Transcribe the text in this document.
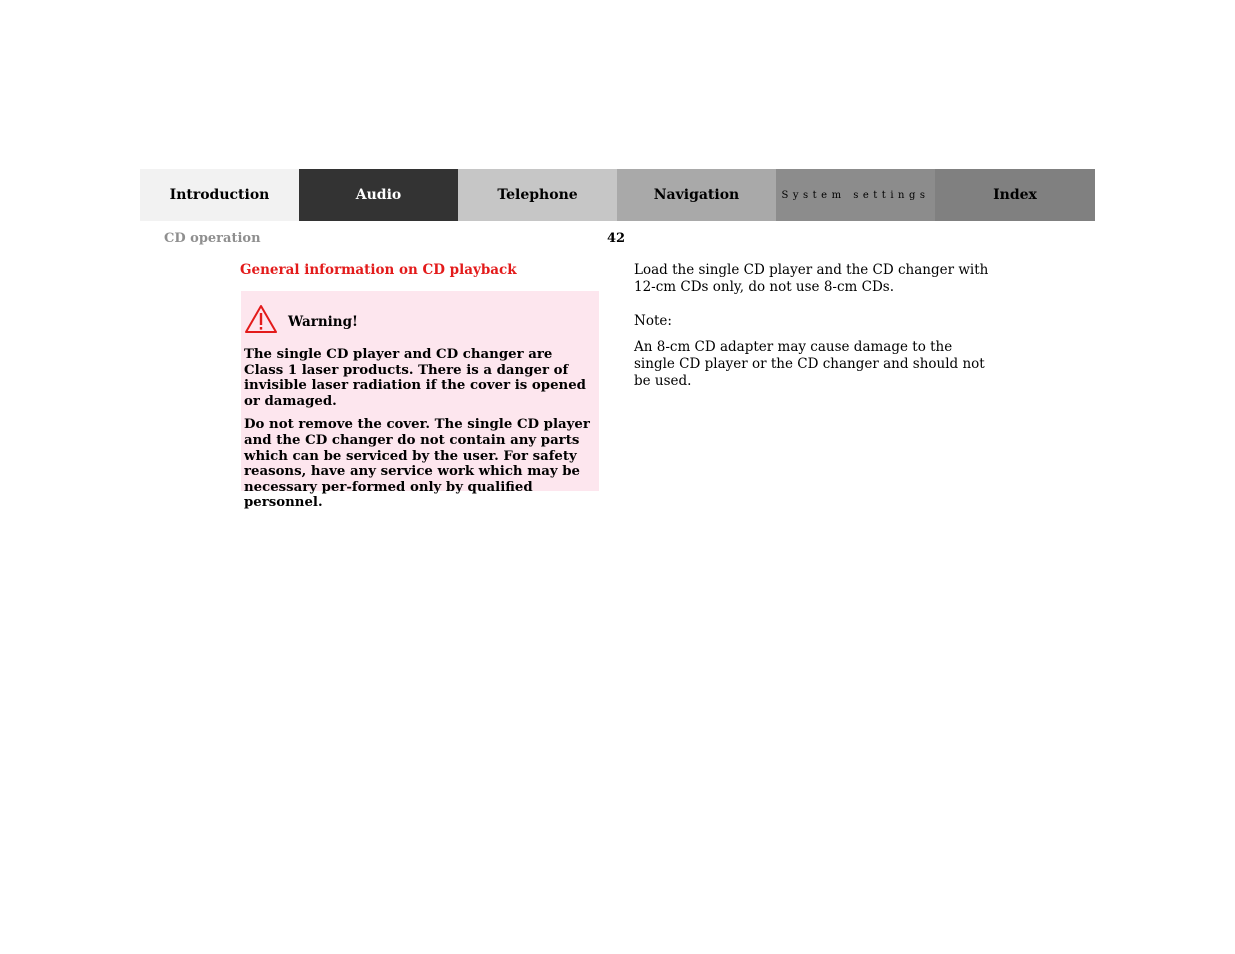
Introduction	Audio	Telephone	Navigation	System settings	Index
CD operation	42
General information on CD playback
Warning!

The single CD player and CD changer are Class 1 laser products. There is a danger of invisible laser radiation if the cover is opened or damaged.

Do not remove the cover. The single CD player and the CD changer do not contain any parts which can be serviced by the user. For safety reasons, have any service work which may be necessary per-formed only by qualified personnel.

Load the single CD player and the CD changer with 12-cm CDs only, do not use 8-cm CDs.

Note:

An 8-cm CD adapter may cause damage to the single CD player or the CD changer and should not be used.
